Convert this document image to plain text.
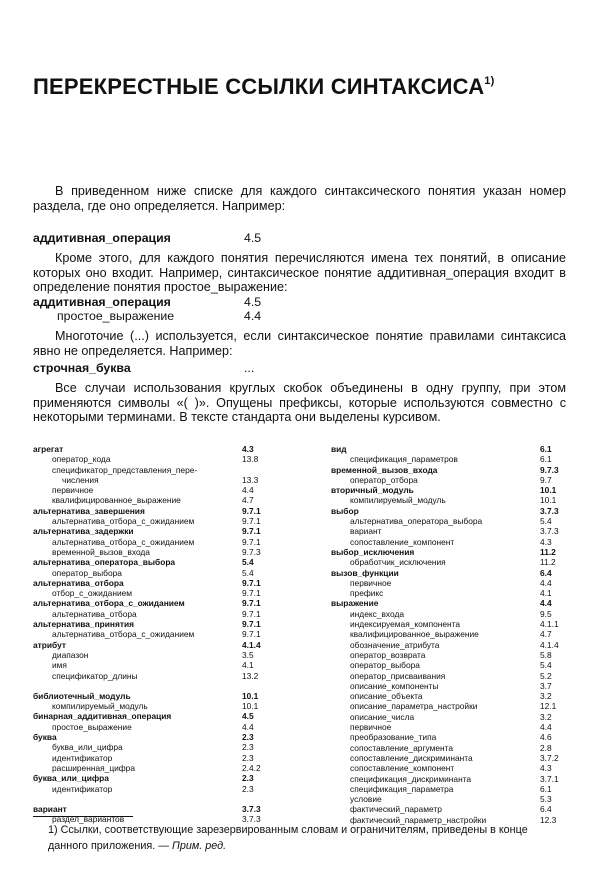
ПЕРЕКРЕСТНЫЕ ССЫЛКИ СИНТАКСИСА$^{1)}$

В приведенном ниже списке для каждого синтаксического понятия указан номер раздела, где оно определяется. Например:

аддитивная_операция	4.5

Кроме этого, для каждого понятия перечисляются имена тех понятий, в описание которых оно входит. Например, синтаксическое понятие аддитивная_операция входит в определение понятия простое_выражение:

аддитивная_операция	4.5
простое_выражение	4.4

Многоточие (...) используется, если синтаксическое понятие правилами синтаксиса явно не определяется. Например:

строчная_буква	...

Все случаи использования круглых скобок объединены в одну группу, при этом применяются символы «( )». Опущены префиксы, которые используются совместно с некоторыми терминами. В тексте стандарта они выделены курсивом.

агрегат	4.3
оператор_кода	13.8
спецификатор_представления_пере-
числения	13.3
первичное	4.4
квалифицированное_выражение	4.7
альтернатива_завершения	9.7.1
альтернатива_отбора_с_ожиданием	9.7.1
альтернатива_задержки	9.7.1
альтернатива_отбора_с_ожиданием	9.7.1
временной_вызов_входа	9.7.3
альтернатива_оператора_выбора	5.4
оператор_выбора	5.4
альтернатива_отбора	9.7.1
отбор_с_ожиданием	9.7.1
альтернатива_отбора_с_ожиданием	9.7.1
альтернатива_отбора	9.7.1
альтернатива_принятия	9.7.1
альтернатива_отбора_с_ожиданием	9.7.1
атрибут	4.1.4
диапазон	3.5
имя	4.1
спецификатор_длины	13.2
библиотечный_модуль	10.1
компилируемый_модуль	10.1
бинарная_аддитивная_операция	4.5
простое_выражение	4.4
буква	2.3
буква_или_цифра	2.3
идентификатор	2.3
расширенная_цифра	2.4.2
буква_или_цифра	2.3
идентификатор	2.3
вариант	3.7.3
раздел_вариантов	3.7.3
вид	6.1
спецификация_параметров	6.1
временной_вызов_входа	9.7.3
оператор_отбора	9.7
вторичный_модуль	10.1
компилируемый_модуль	10.1
выбор	3.7.3
альтернатива_оператора_выбора	5.4
вариант	3.7.3
сопоставление_компонент	4.3
выбор_исключения	11.2
обработчик_исключения	11.2
вызов_функции	6.4
первичное	4.4
префикс	4.1
выражение	4.4
индекс_входа	9.5
индексируемая_компонента	4.1.1
квалифицированное_выражение	4.7
обозначение_атрибута	4.1.4
оператор_возврата	5.8
оператор_выбора	5.4
оператор_присваивания	5.2
описание_компоненты	3.7
описание_объекта	3.2
описание_параметра_настройки	12.1
описание_числа	3.2
первичное	4.4
преобразование_типа	4.6
сопоставление_аргумента	2.8
сопоставление_дискриминанта	3.7.2
сопоставление_компонент	4.3
спецификация_дискриминанта	3.7.1
спецификация_параметра	6.1
условие	5.3
фактический_параметр	6.4
фактический_параметр_настройки	12.3
1) Ссылки, соответствующие зарезервированным словам и ограничителям, приведены в конце данного приложения. — Прим. ред.
